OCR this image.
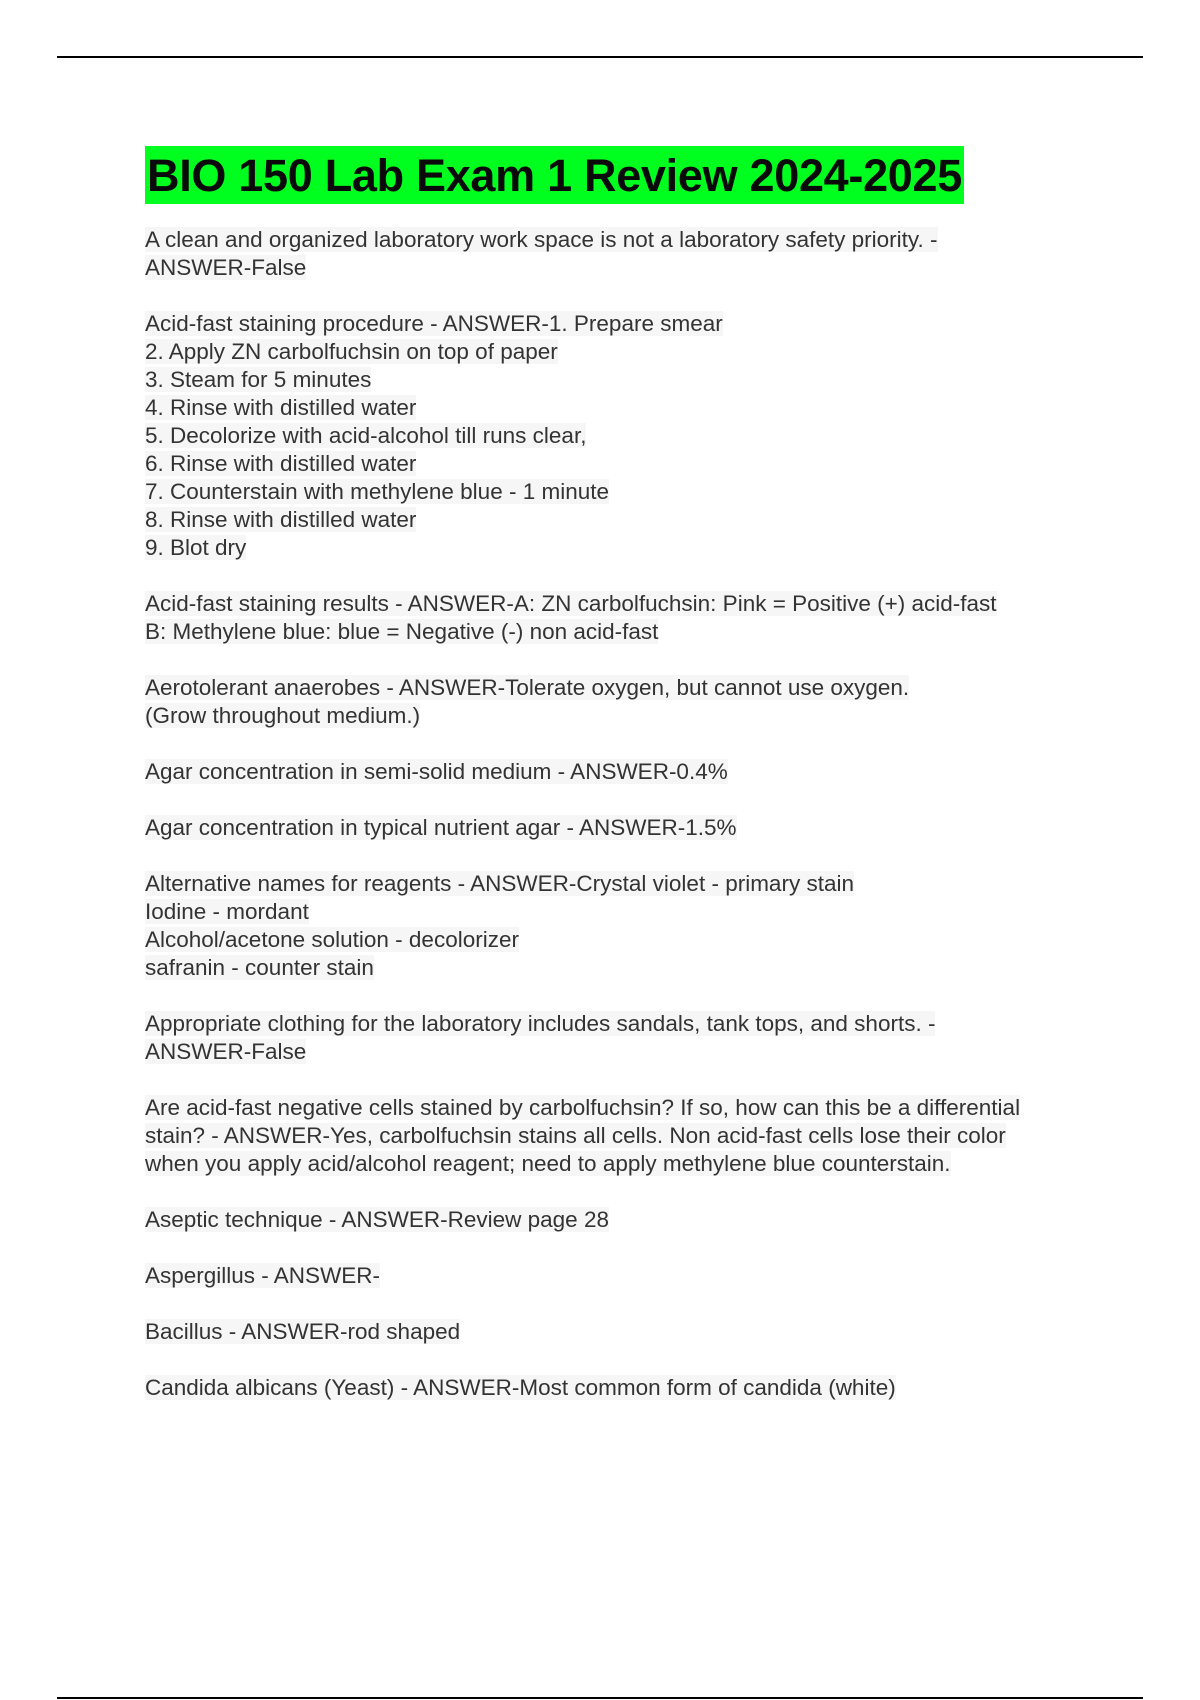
BIO 150 Lab Exam 1 Review 2024-2025
A clean and organized laboratory work space is not a laboratory safety priority. -
ANSWER-False
Acid-fast staining procedure - ANSWER-1. Prepare smear
2. Apply ZN carbolfuchsin on top of paper
3. Steam for 5 minutes
4. Rinse with distilled water
5. Decolorize with acid-alcohol till runs clear,
6. Rinse with distilled water
7. Counterstain with methylene blue - 1 minute
8. Rinse with distilled water
9. Blot dry
Acid-fast staining results - ANSWER-A: ZN carbolfuchsin: Pink = Positive (+) acid-fast
B: Methylene blue: blue = Negative (-) non acid-fast
Aerotolerant anaerobes - ANSWER-Tolerate oxygen, but cannot use oxygen.
(Grow throughout medium.)
Agar concentration in semi-solid medium - ANSWER-0.4%
Agar concentration in typical nutrient agar - ANSWER-1.5%
Alternative names for reagents - ANSWER-Crystal violet - primary stain
Iodine - mordant
Alcohol/acetone solution - decolorizer
safranin - counter stain
Appropriate clothing for the laboratory includes sandals, tank tops, and shorts. -
ANSWER-False
Are acid-fast negative cells stained by carbolfuchsin? If so, how can this be a differential
stain? - ANSWER-Yes, carbolfuchsin stains all cells. Non acid-fast cells lose their color
when you apply acid/alcohol reagent; need to apply methylene blue counterstain.
Aseptic technique - ANSWER-Review page 28
Aspergillus - ANSWER-
Bacillus - ANSWER-rod shaped
Candida albicans (Yeast) - ANSWER-Most common form of candida (white)
